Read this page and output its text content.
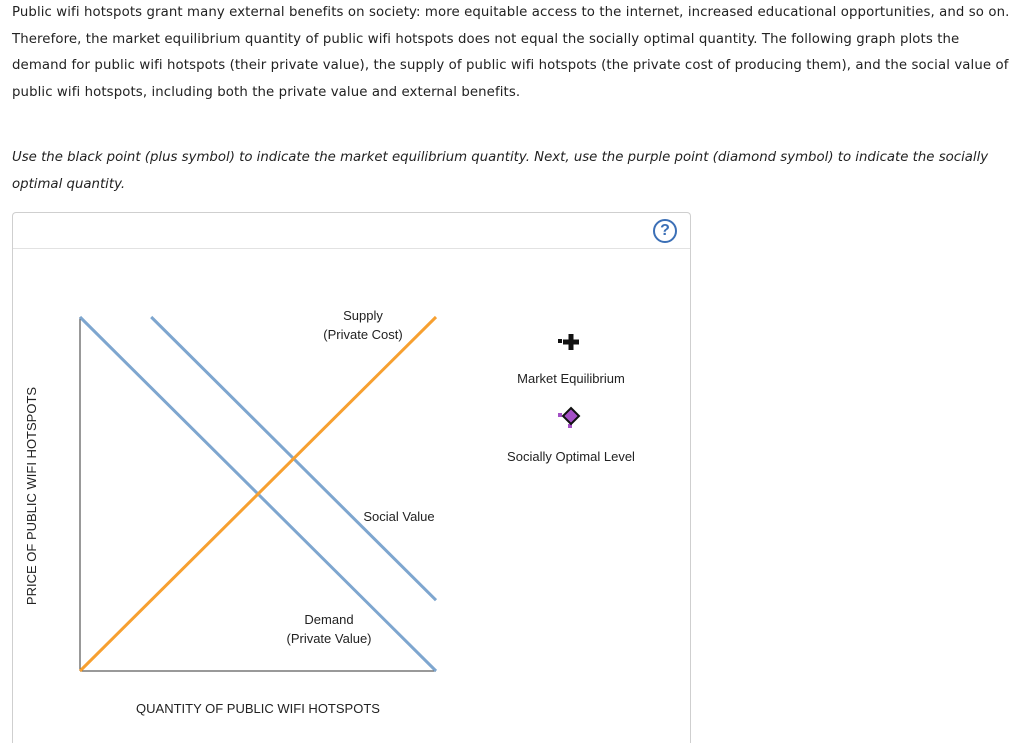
Public wifi hotspots grant many external benefits on society: more equitable access to the internet, increased educational opportunities, and so on. Therefore, the market equilibrium quantity of public wifi hotspots does not equal the socially optimal quantity. The following graph plots the demand for public wifi hotspots (their private value), the supply of public wifi hotspots (the private cost of producing them), and the social value of public wifi hotspots, including both the private value and external benefits.

Use the black point (plus symbol) to indicate the market equilibrium quantity. Next, use the purple point (diamond symbol) to indicate the socially optimal quantity.

?
Supply
(Private Cost)
Social Value
Demand
(Private Value)
QUANTITY OF PUBLIC WIFI HOTSPOTS
PRICE OF PUBLIC WIFI HOTSPOTS
Market Equilibrium
Socially Optimal Level
